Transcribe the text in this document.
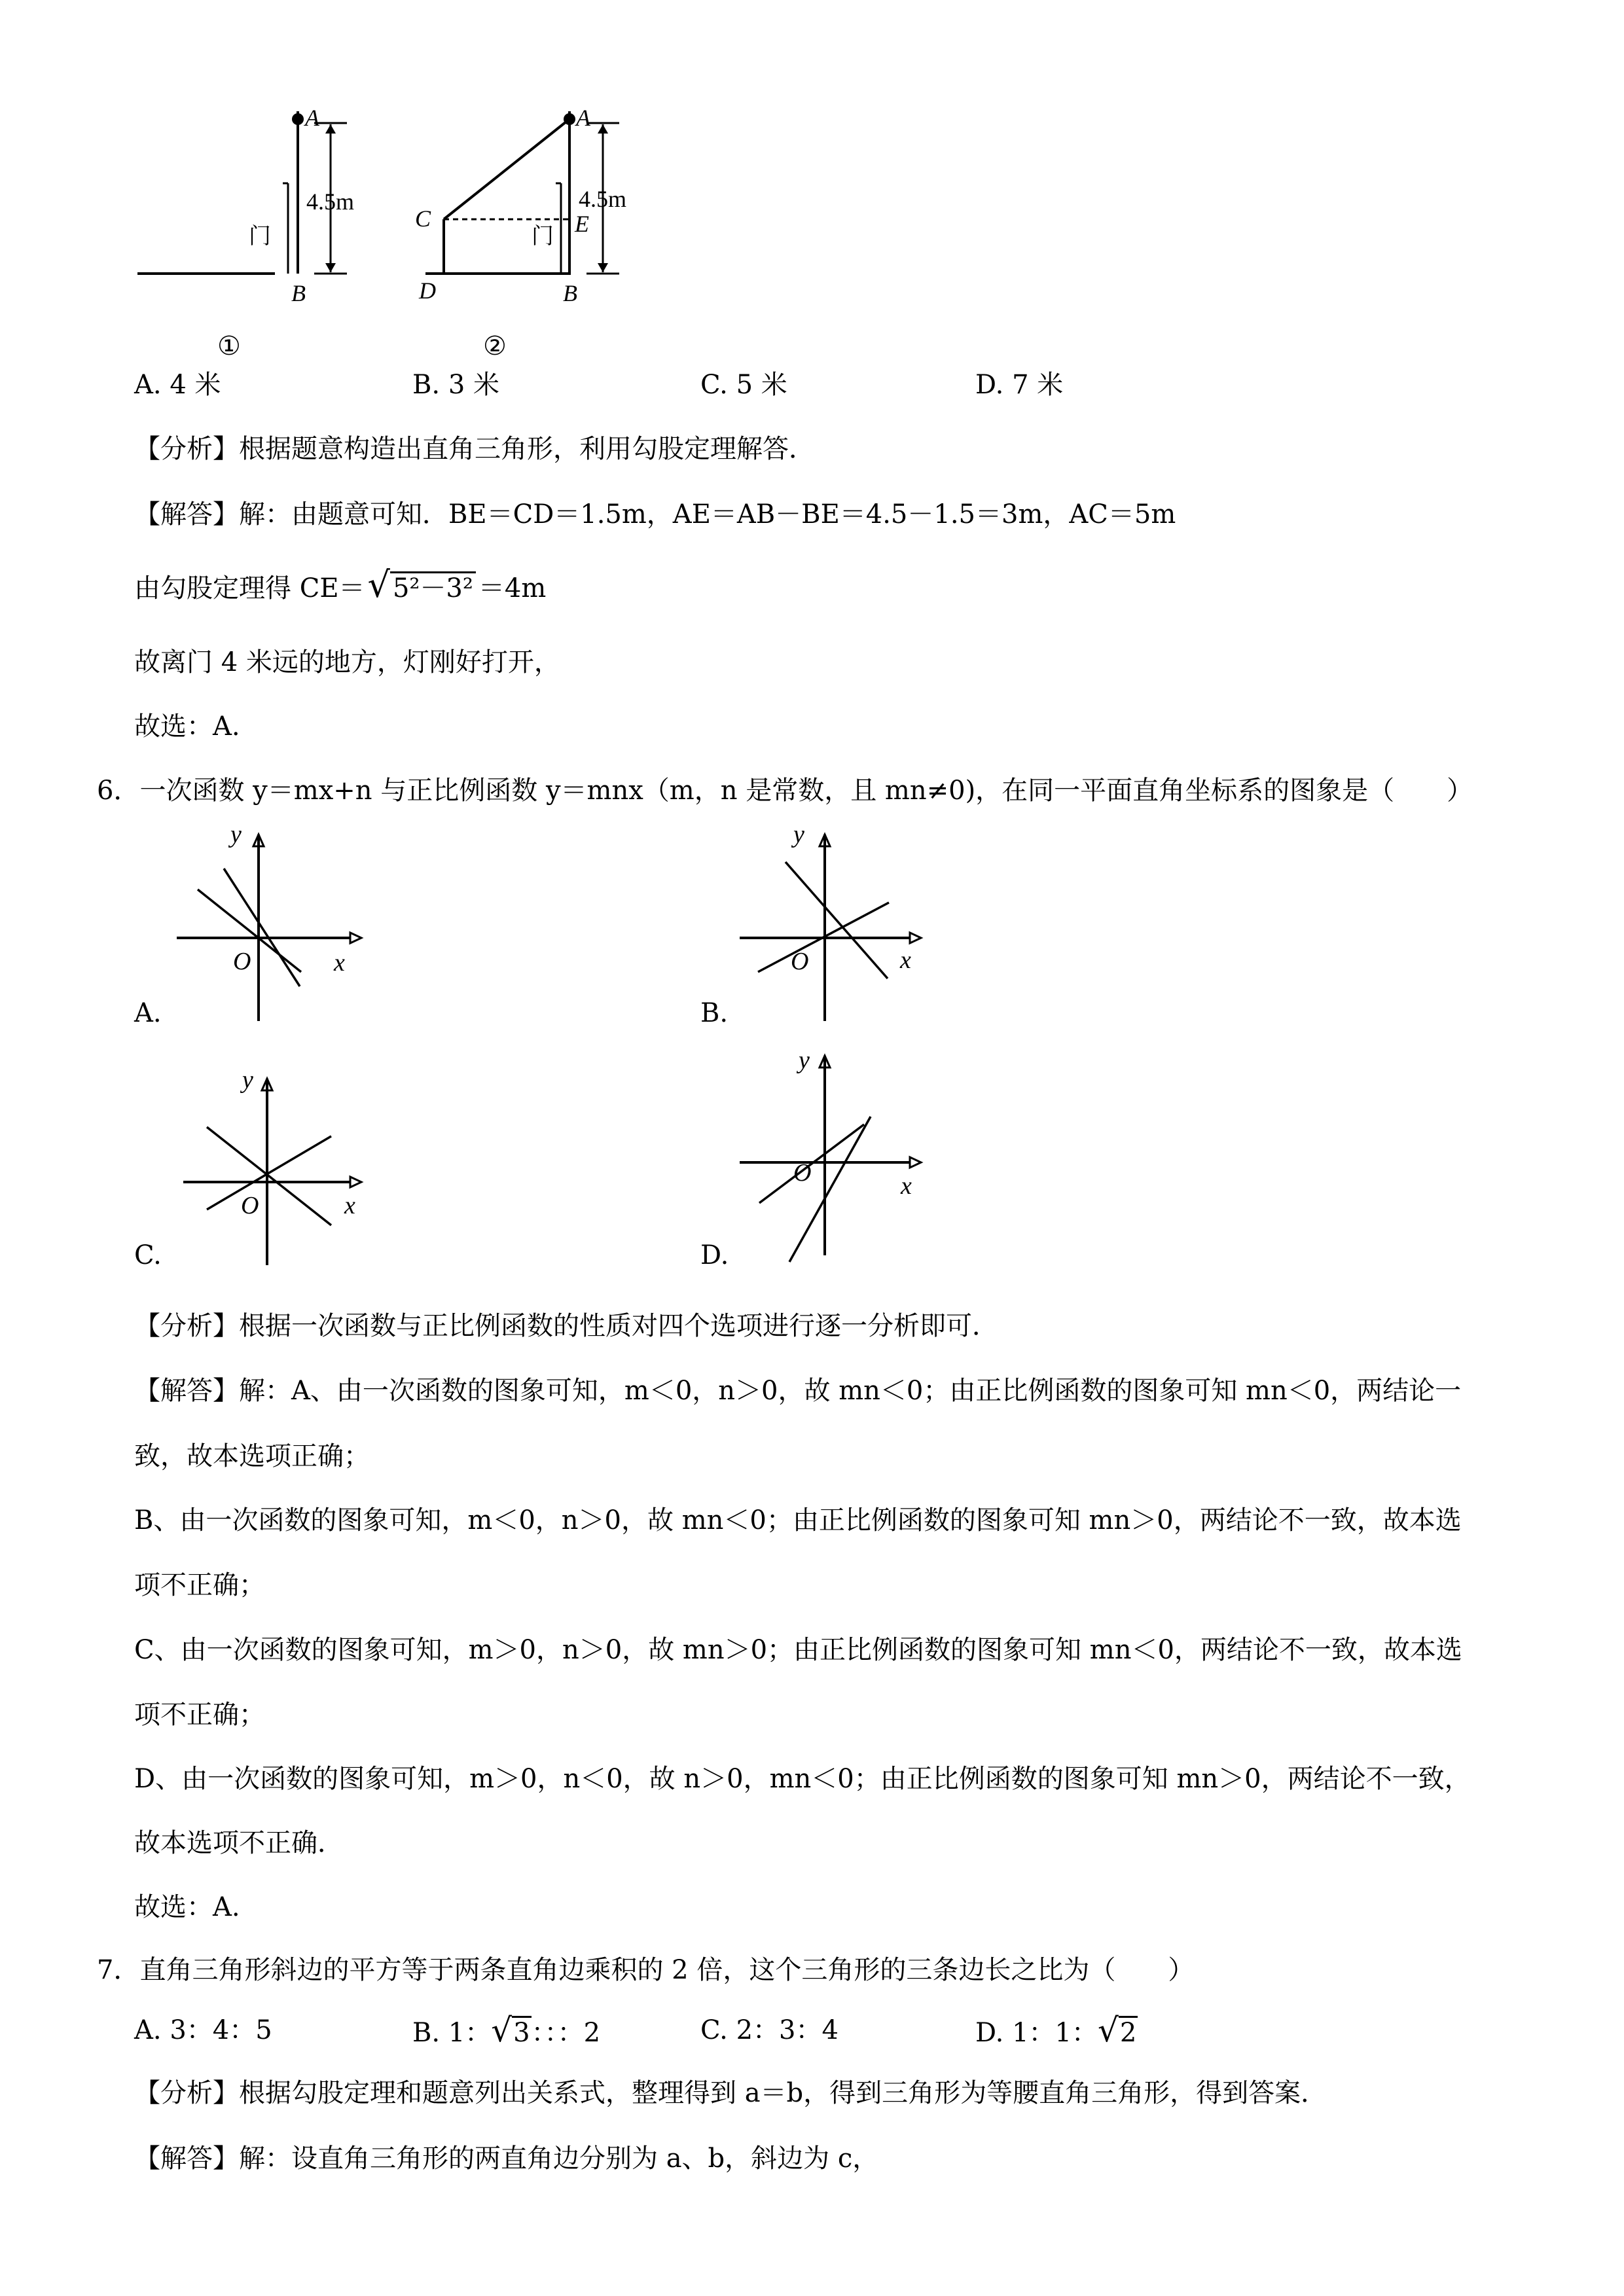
A
4.5m
门
B
①
A
4.5m
C	E
门
D	B
②
A. 4 米	B. 3 米	C. 5 米	D. 7 米
【分析】根据题意构造出直角三角形，利用勾股定理解答．
【解答】解：由题意可知．BE＝CD＝1.5m，AE＝AB－BE＝4.5－1.5＝3m，AC＝5m
由勾股定理得 CE＝√ 5²－3² ＝4m
故离门 4 米远的地方，灯刚好打开，
故选：A.
6．一次函数 y＝mx+n 与正比例函数 y＝mnx（m，n 是常数，且 mn≠0)，在同一平面直角坐标系的图象是（　　）
y
x
O
A.
y
x
O
B.
y
x
O
C.
y
x
O
D.
【分析】根据一次函数与正比例函数的性质对四个选项进行逐一分析即可．
【解答】解：A、由一次函数的图象可知，m＜0，n＞0，故 mn＜0；由正比例函数的图象可知 mn＜0，两结论一
致，故本选项正确；
B、由一次函数的图象可知，m＜0，n＞0，故 mn＜0；由正比例函数的图象可知 mn＞0，两结论不一致，故本选
项不正确；
C、由一次函数的图象可知，m＞0，n＞0，故 mn＞0；由正比例函数的图象可知 mn＜0，两结论不一致，故本选
项不正确；
D、由一次函数的图象可知，m＞0，n＜0，故 n＞0，mn＜0；由正比例函数的图象可知 mn＞0，两结论不一致，
故本选项不正确．
故选：A.
7．直角三角形斜边的平方等于两条直角边乘积的 2 倍，这个三角形的三条边长之比为（　　）
A. 3：4：5	B. 1：√3：：：2	C. 2：3：4	D. 1：1：√2
【分析】根据勾股定理和题意列出关系式，整理得到 a＝b，得到三角形为等腰直角三角形，得到答案．
【解答】解：设直角三角形的两直角边分别为 a、b，斜边为 c，
